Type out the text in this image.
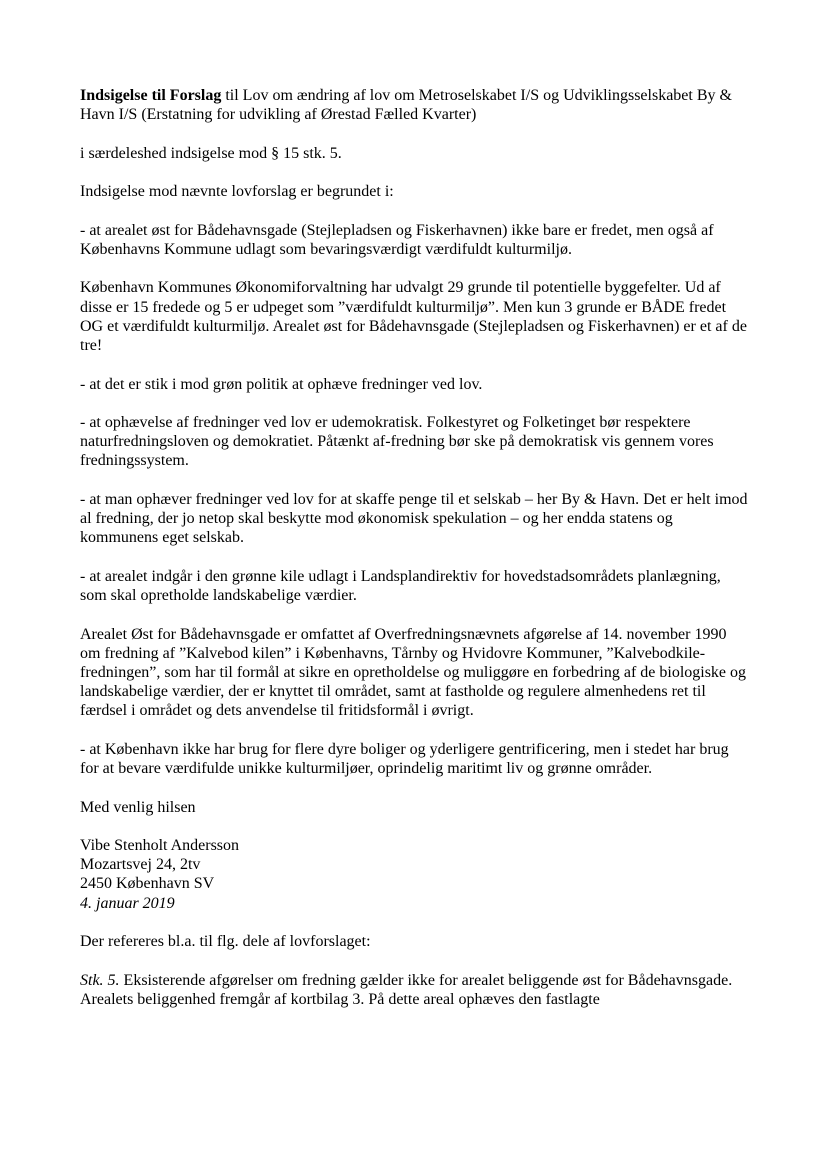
Indsigelse til Forslag til Lov om ændring af lov om Metroselskabet I/S og Udviklingsselskabet By & Havn I/S (Erstatning for udvikling af Ørestad Fælled Kvarter)

i særdeleshed indsigelse mod § 15 stk. 5.

Indsigelse mod nævnte lovforslag er begrundet i:

- at arealet øst for Bådehavnsgade (Stejlepladsen og Fiskerhavnen) ikke bare er fredet, men også af Københavns Kommune udlagt som bevaringsværdigt værdifuldt kulturmiljø.

København Kommunes Økonomiforvaltning har udvalgt 29 grunde til potentielle byggefelter. Ud af disse er 15 fredede og 5 er udpeget som ”værdifuldt kulturmiljø”. Men kun 3 grunde er BÅDE fredet OG et værdifuldt kulturmiljø. Arealet øst for Bådehavnsgade (Stejlepladsen og Fiskerhavnen) er et af de tre!

- at det er stik i mod grøn politik at ophæve fredninger ved lov.

- at ophævelse af fredninger ved lov er udemokratisk. Folkestyret og Folketinget bør respektere naturfredningsloven og demokratiet. Påtænkt af-fredning bør ske på demokratisk vis gennem vores fredningssystem.

- at man ophæver fredninger ved lov for at skaffe penge til et selskab – her By & Havn. Det er helt imod al fredning, der jo netop skal beskytte mod økonomisk spekulation – og her endda statens og kommunens eget selskab.

- at arealet indgår i den grønne kile udlagt i Landsplandirektiv for hovedstadsområdets planlægning, som skal opretholde landskabelige værdier.

Arealet Øst for Bådehavnsgade er omfattet af Overfredningsnævnets afgørelse af 14. november 1990 om fredning af ”Kalvebod kilen” i Københavns, Tårnby og Hvidovre Kommuner, ”Kalvebodkile-fredningen”, som har til formål at sikre en opretholdelse og muliggøre en forbedring af de biologiske og landskabelige værdier, der er knyttet til området, samt at fastholde og regulere almenhedens ret til færdsel i området og dets anvendelse til fritidsformål i øvrigt.

- at København ikke har brug for flere dyre boliger og yderligere gentrificering, men i stedet har brug for at bevare værdifulde unikke kulturmiljøer, oprindelig maritimt liv og grønne områder.

Med venlig hilsen

Vibe Stenholt Andersson

Mozartsvej 24, 2tv

2450 København SV

4. januar 2019

Der refereres bl.a. til flg. dele af lovforslaget:

Stk. 5. Eksisterende afgørelser om fredning gælder ikke for arealet beliggende øst for Bådehavnsgade. Arealets beliggenhed fremgår af kortbilag 3. På dette areal ophæves den fastlagte
